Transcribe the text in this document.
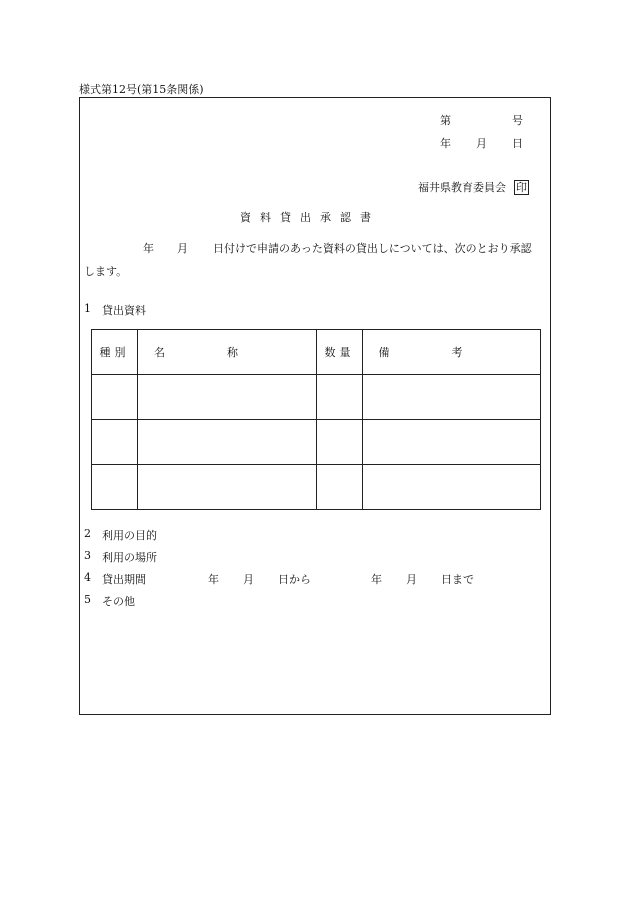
様式第12号(第15条関係)
第	号
年 月 日
福井県教育委員会 印
資料貸出承認書
年 月 日付けで申請のあった資料の貸出しについては、次のとおり承認
します。
1 貸出資料
種別	名称	数量	備考

2 利用の目的
3 利用の場所
4 貸出期間	年 月 日から	年 月 日まで
5 その他
